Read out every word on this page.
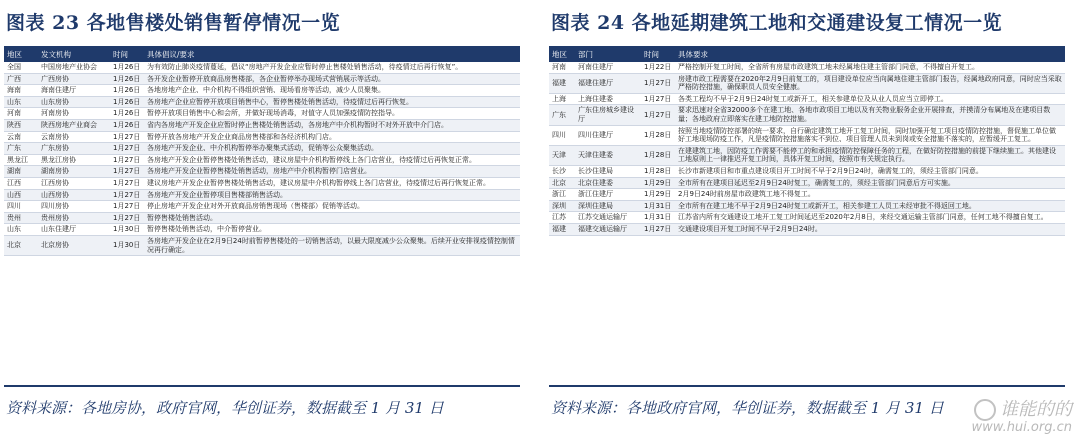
图表 23 各地售楼处销售暂停情况一览
地区	发文机构	时间	具体倡议/要求
全国	中国房地产业协会	1月26日	为有效防止肺炎疫情蔓延，倡议“房地产开发企业应暂时停止售楼处销售活动，待疫情过后再行恢复”。
广西	广西房协	1月26日	各开发企业暂停开放商品房售楼部，各企业暂停举办现场式营销展示等活动。
海南	海南住建厅	1月26日	各地房地产企业、中介机构不得组织营销、现场看房等活动，减少人员聚集。
山东	山东房协	1月26日	各房地产企业应暂停开放项目销售中心，暂停售楼处销售活动，待疫情过后再行恢复。
河南	河南房协	1月26日	暂停开放项目销售中心和会所，并做好现场消毒，对值守人员加强疫情防控指导。
陕西	陕西房地产业商会	1月26日	省内各房地产开发企业应暂时停止售楼处销售活动，各房地产中介机构暂时不对外开放中介门店。
云南	云南房协	1月27日	暂停开放各房地产开发企业商品房售楼部和各经济机构门店。
广东	广东房协	1月27日	各房地产开发企业、中介机构暂停举办聚集式活动，促销等公众聚集活动。
黑龙江	黑龙江房协	1月27日	各房地产开发企业暂停售楼处销售活动，建议房屋中介机构暂停线上各门店营业，待疫情过后再恢复正常。
湖南	湖南房协	1月27日	各房地产开发企业暂停售楼处销售活动，房地产中介机构暂停门店营业。
江西	江西房协	1月27日	建议房地产开发企业暂停售楼处销售活动，建议房屋中介机构暂停线上各门店营业，待疫情过后再行恢复正常。
山西	山西房协	1月27日	各房地产开发企业暂停项目售楼部销售活动。
四川	四川房协	1月27日	停止房地产开发企业对外开放商品房销售现场（售楼部）促销等活动。
贵州	贵州房协	1月27日	暂停售楼处销售活动。
山东	山东住建厅	1月30日	暂停售楼处销售活动，中介暂停营业。
北京	北京房协	1月30日	各房地产开发企业在2月9日24时前暂停售楼处的一切销售活动，以最大限度减少公众聚集。后续开业安排视疫情控制情况再行确定。
资料来源：各地房协，政府官网，华创证券，数据截至 1 月 31 日
图表 24 各地延期建筑工地和交通建设复工情况一览
地区	部门	时间	具体要求
河南	河南住建厅	1月22日	严格控制开复工时间，全省所有房屋市政建筑工地未经属地住建主管部门同意，不得擅自开复工。
福建	福建住建厅	1月27日	房建市政工程需要在2020年2月9日前复工的，项目建设单位应当向属地住建主管部门报告，经属地政府同意，同时应当采取严格防控措施，确保职员人员安全健康。
上海	上海住建委	1月27日	各类工程均不早于2月9日24时复工或新开工，相关参建单位及从业人员应当立即停工。
广东	广东住房城乡建设厅	1月27日	要求迅速对全省32000多个在建工地、各地市政项目工地以及有关物业服务企业开展排查，并摸清分布属地及在建项目数量；各地政府立即落实在建工地防控措施。
四川	四川住建厅	1月28日	按照当地疫情防控部署的统一要求，自行确定建筑工地开工复工时间，同时加强开复工项目疫情防控措施，督促施工单位做好工地现场防疫工作，凡是疫情防控措施落实不到位、项目管理人员未到岗或安全措施不落实的，应暂缓开工复工。
天津	天津住建委	1月28日	在建建筑工地，因防疫工作需要不能停工的和承担疫情防控保障任务的工程，在做好防控措施的前提下继续施工。其他建设工地原则上一律推迟开复工时间，具体开复工时间，按照市有关规定执行。
长沙	长沙住建局	1月28日	长沙市新建项目和市重点建设项目开工时间不早于2月9日24时，确需复工的，须经主管部门同意。
北京	北京住建委	1月29日	全市所有在建项目延迟至2月9日24时复工，确需复工的，须经主管部门同意后方可实施。
浙江	浙江住建厅	1月29日	2月9日24时前房屋市政建筑工地不得复工。
深圳	深圳住建局	1月31日	全市所有在建工地不早于2月9日24时复工或新开工，相关参建工人员工未经审批不得返回工地。
江苏	江苏交通运输厅	1月31日	江苏省内所有交通建设工地开工复工时间延迟至2020年2月8日，来经交通运输主管部门同意，任何工地不得擅自复工。
福建	福建交通运输厅	1月27日	交通建设项目开复工时间不早于2月9日24时。
资料来源：各地政府官网，华创证券，数据截至 1 月 31 日	谁能的的
www.hui.org.cn
